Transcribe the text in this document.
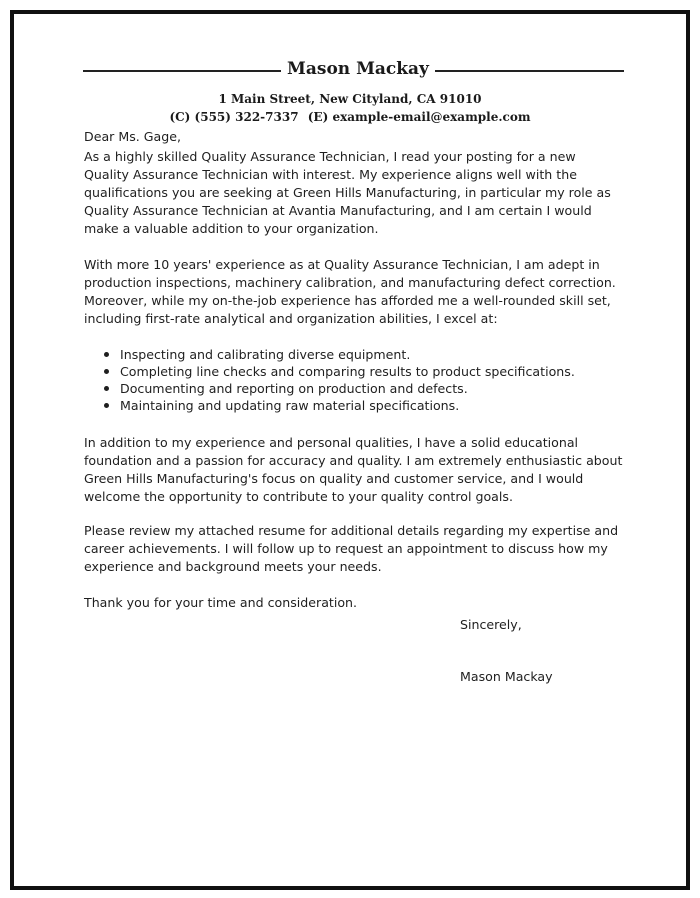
Mason Mackay
1 Main Street, New Cityland, CA 91010
(C) (555) 322-7337 (E) example-email@example.com

Dear Ms. Gage,

As a highly skilled Quality Assurance Technician, I read your posting for a new Quality Assurance Technician with interest. My experience aligns well with the qualifications you are seeking at Green Hills Manufacturing, in particular my role as Quality Assurance Technician at Avantia Manufacturing, and I am certain I would make a valuable addition to your organization.

With more 10 years' experience as at Quality Assurance Technician, I am adept in production inspections, machinery calibration, and manufacturing defect correction. Moreover, while my on-the-job experience has afforded me a well-rounded skill set, including first-rate analytical and organization abilities, I excel at:

Inspecting and calibrating diverse equipment.
Completing line checks and comparing results to product specifications.
Documenting and reporting on production and defects.
Maintaining and updating raw material specifications.

In addition to my experience and personal qualities, I have a solid educational foundation and a passion for accuracy and quality. I am extremely enthusiastic about Green Hills Manufacturing's focus on quality and customer service, and I would welcome the opportunity to contribute to your quality control goals.

Please review my attached resume for additional details regarding my expertise and career achievements. I will follow up to request an appointment to discuss how my experience and background meets your needs.

Thank you for your time and consideration.

Sincerely,
Mason Mackay
